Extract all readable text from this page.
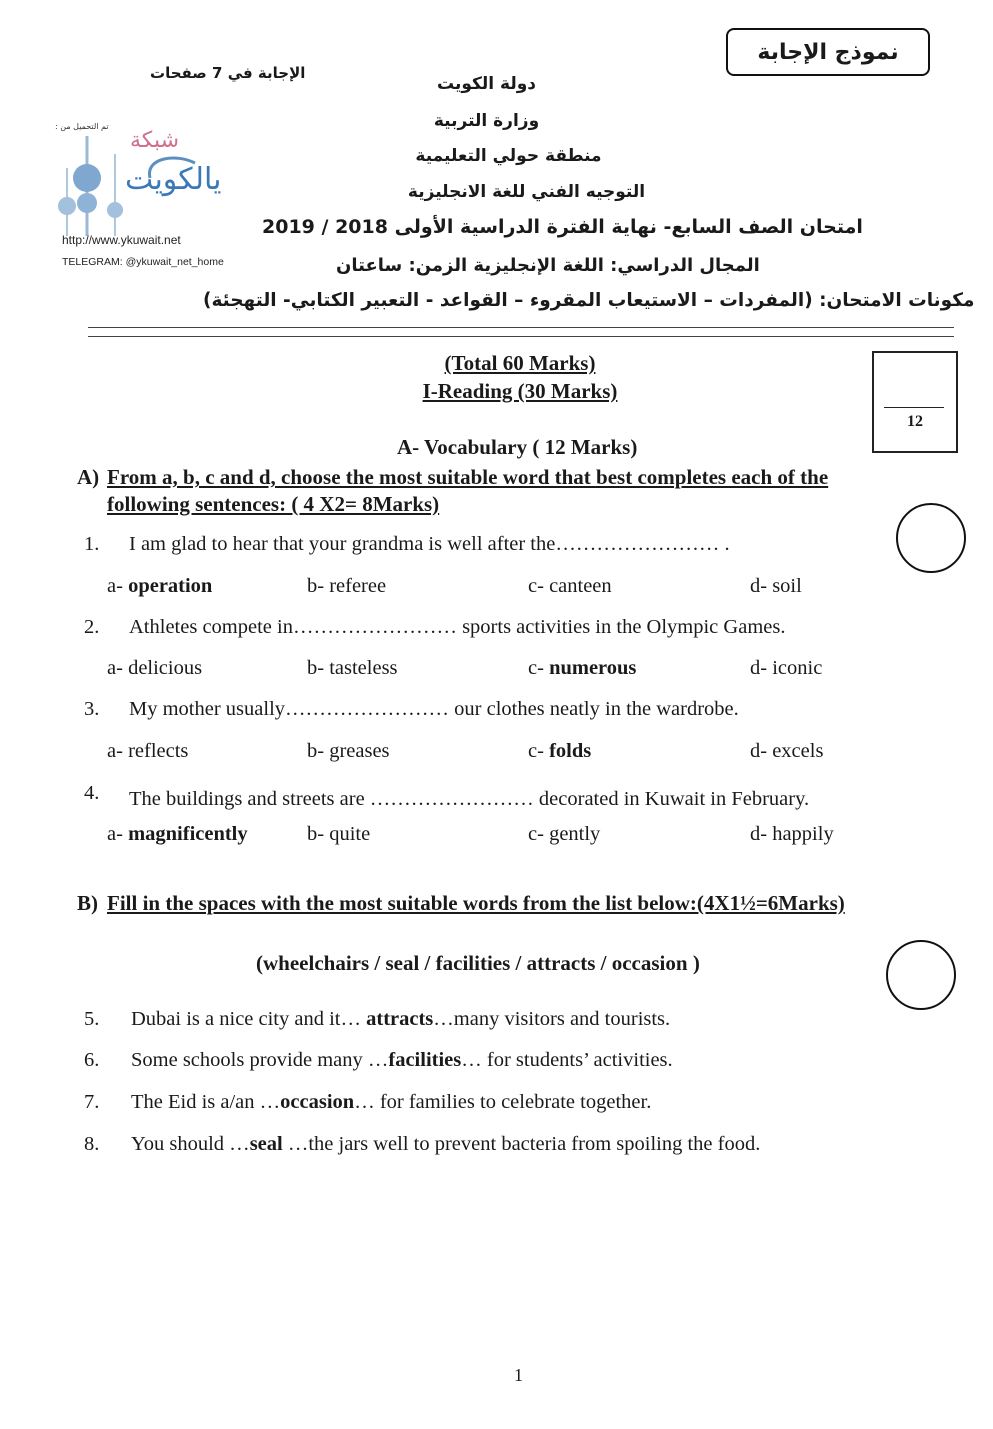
نموذج الإجابة
الإجابة في 7 صفحات
دولة الكويت
وزارة التربية
منطقة حولي التعليمية
التوجيه الفني للغة الانجليزية
امتحان الصف السابع- نهاية الفترة الدراسية الأولى 2018 / 2019
المجال الدراسي: اللغة الإنجليزية الزمن: ساعتان
مكونات الامتحان: (المفردات – الاستيعاب المقروء – القواعد - التعبير الكتابي- التهجئة)
تم التحميل من :
شبكة
يالكويت
http://www.ykuwait.net
TELEGRAM: @ykuwait_net_home
(Total 60 Marks)
I-Reading (30 Marks)
12
A- Vocabulary ( 12 Marks)
A) From a, b, c and d, choose the most suitable word that best completes each of the
following sentences: ( 4 X2= 8Marks)
1. I am glad to hear that your grandma is well after the…………………… .
a- operation	b- referee	c- canteen	d- soil
2. Athletes compete in…………………… sports activities in the Olympic Games.
a- delicious	b- tasteless	c- numerous	d- iconic
3. My mother usually…………………… our clothes neatly in the wardrobe.
a- reflects	b- greases	c- folds	d- excels
4. The buildings and streets are …………………… decorated in Kuwait in February.
a- magnificently	b- quite	c- gently	d- happily
B) Fill in the spaces with the most suitable words from the list below:(4X1½=6Marks)
(wheelchairs / seal / facilities / attracts / occasion )
5. Dubai is a nice city and it… attracts…many visitors and tourists.
6. Some schools provide many …facilities… for students’ activities.
7. The Eid is a/an …occasion… for families to celebrate together.
8. You should …seal …the jars well to prevent bacteria from spoiling the food.
1
